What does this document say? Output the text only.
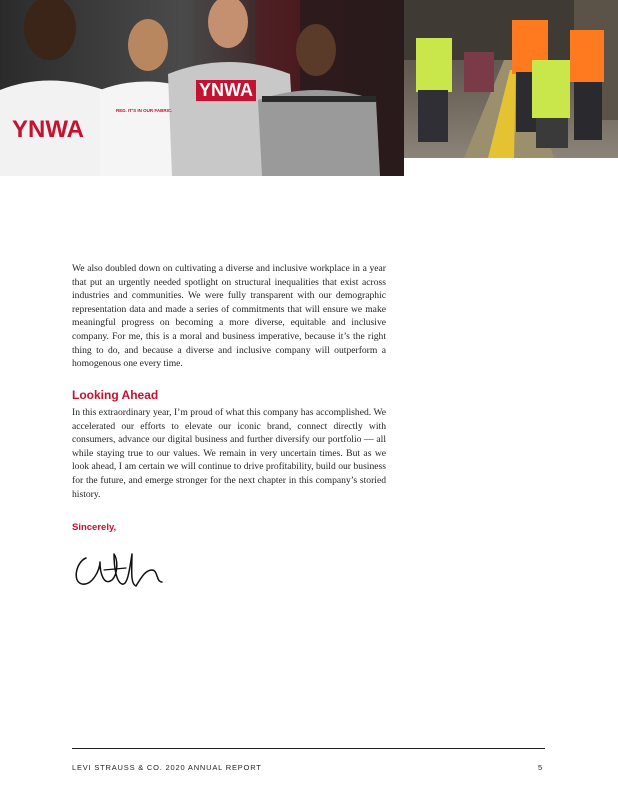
YNWA
RED. IT'S IN OUR FABRIC.
YNWA

We also doubled down on cultivating a diverse and inclusive workplace in a year that put an urgently needed spotlight on structural inequalities that exist across industries and communities. We were fully transparent with our demographic representation data and made a series of commitments that will ensure we make meaningful progress on becoming a more diverse, equitable and inclusive company. For me, this is a moral and business imperative, because it’s the right thing to do, and because a diverse and inclusive company will outperform a homogenous one every time.

Looking Ahead

In this extraordinary year, I’m proud of what this company has accomplished. We accelerated our efforts to elevate our iconic brand, connect directly with consumers, advance our digital business and further diversify our portfolio — all while staying true to our values. We remain in very uncertain times. But as we look ahead, I am certain we will continue to drive profitability, build our business for the future, and emerge stronger for the next chapter in this company’s storied history.

Sincerely,

LEVI STRAUSS & CO. 2020 ANNUAL REPORT	5
